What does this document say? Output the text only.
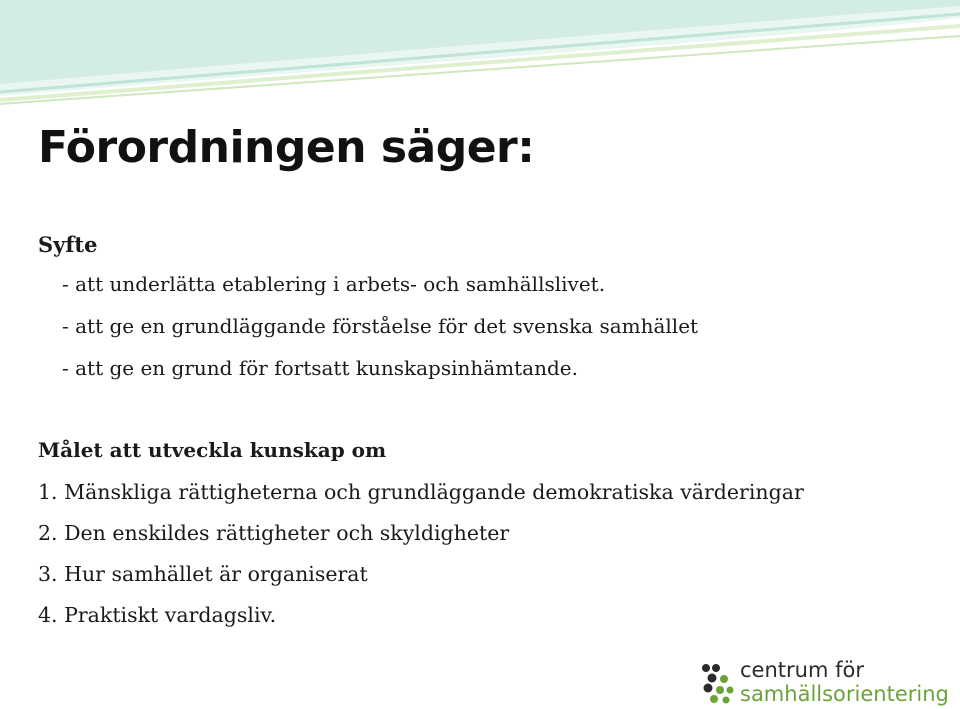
Förordningen säger:
Syfte
- att underlätta etablering i arbets- och samhällslivet.
- att ge en grundläggande förståelse för det svenska samhället
- att ge en grund för fortsatt kunskapsinhämtande.
Målet att utveckla kunskap om
1. Mänskliga rättigheterna och grundläggande demokratiska värderingar
2. Den enskildes rättigheter och skyldigheter
3. Hur samhället är organiserat
4. Praktiskt vardagsliv.
centrum för
samhällsorientering
